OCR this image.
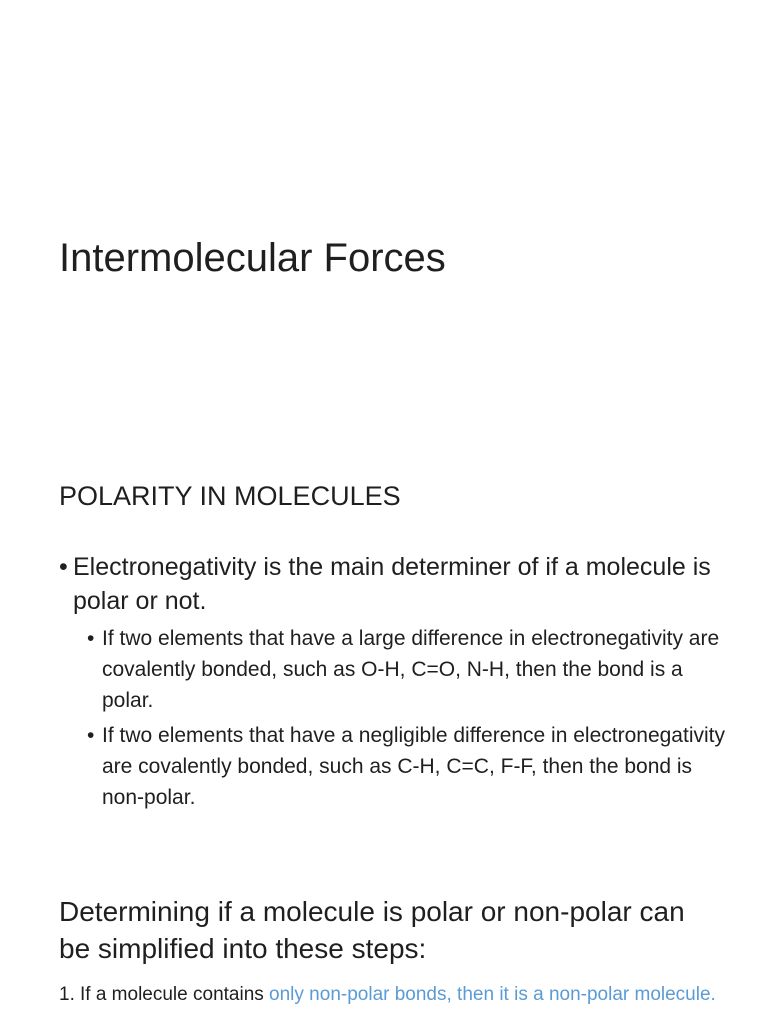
Intermolecular Forces
POLARITY IN MOLECULES
• Electronegativity is the main determiner of if a molecule is polar or not.
• If two elements that have a large difference in electronegativity are covalently bonded, such as O-H, C=O, N-H, then the bond is a polar.
• If two elements that have a negligible difference in electronegativity are covalently bonded, such as C-H, C=C, F-F, then the bond is non-polar.
Determining if a molecule is polar or non-polar can be simplified into these steps:
1. If a molecule contains only non-polar bonds, then it is a non-polar molecule.
